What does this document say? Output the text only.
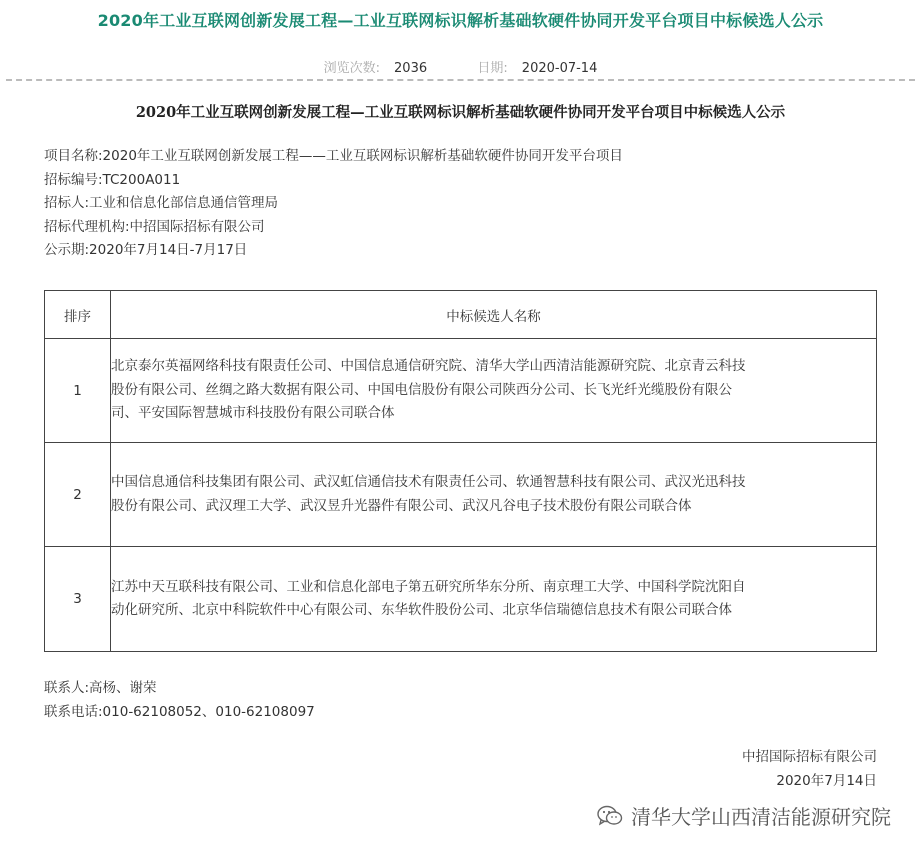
2020年工业互联网创新发展工程—工业互联网标识解析基础软硬件协同开发平台项目中标候选人公示
浏览次数: 2036	日期: 2020-07-14
2020年工业互联网创新发展工程—工业互联网标识解析基础软硬件协同开发平台项目中标候选人公示
项目名称:2020年工业互联网创新发展工程——工业互联网标识解析基础软硬件协同开发平台项目
招标编号:TC200A011
招标人:工业和信息化部信息通信管理局
招标代理机构:中招国际招标有限公司
公示期:2020年7月14日-7月17日
排序	中标候选人名称
1	北京泰尔英福网络科技有限责任公司、中国信息通信研究院、清华大学山西清洁能源研究院、北京青云科技
股份有限公司、丝绸之路大数据有限公司、中国电信股份有限公司陕西分公司、长飞光纤光缆股份有限公
司、平安国际智慧城市科技股份有限公司联合体

2	中国信息通信科技集团有限公司、武汉虹信通信技术有限责任公司、软通智慧科技有限公司、武汉光迅科技
股份有限公司、武汉理工大学、武汉昱升光器件有限公司、武汉凡谷电子技术股份有限公司联合体

3	江苏中天互联科技有限公司、工业和信息化部电子第五研究所华东分所、南京理工大学、中国科学院沈阳自
动化研究所、北京中科院软件中心有限公司、东华软件股份公司、北京华信瑞德信息技术有限公司联合体
联系人:高杨、谢荣
联系电话:010-62108052、010-62108097
中招国际招标有限公司
2020年7月14日
清华大学山西清洁能源研究院
